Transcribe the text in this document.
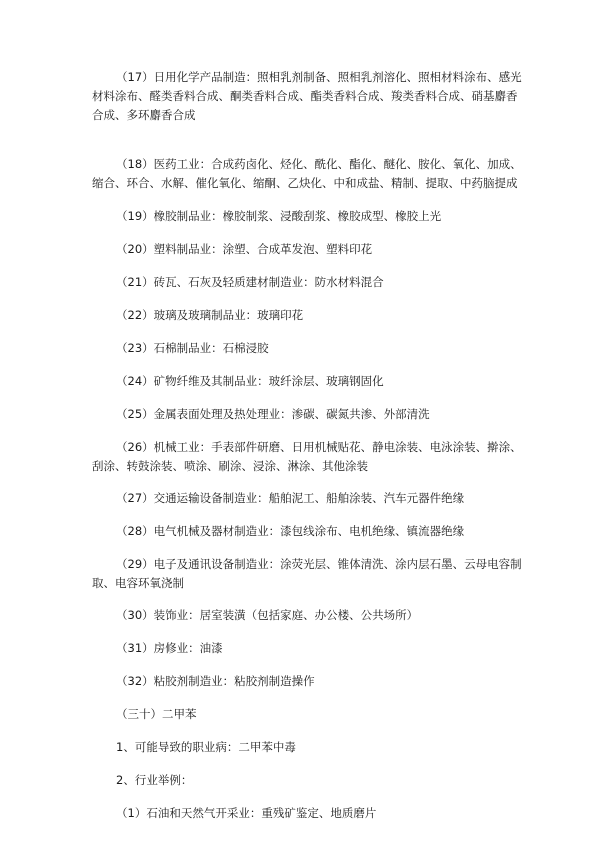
（17）日用化学产品制造：照相乳剂制备、照相乳剂溶化、照相材料涂布、感光材料涂布、醛类香料合成、酮类香料合成、酯类香料合成、羧类香料合成、硝基麝香合成、多环麝香合成

（18）医药工业：合成药卤化、烃化、酰化、酯化、醚化、胺化、氧化、加成、缩合、环合、水解、催化氧化、缩酮、乙炔化、中和成盐、精制、提取、中药脑提成

（19）橡胶制品业：橡胶制浆、浸酸刮浆、橡胶成型、橡胶上光

（20）塑料制品业：涂塑、合成革发泡、塑料印花

（21）砖瓦、石灰及轻质建材制造业：防水材料混合

（22）玻璃及玻璃制品业：玻璃印花

（23）石棉制品业：石棉浸胶

（24）矿物纤维及其制品业：玻纤涂层、玻璃钢固化

（25）金属表面处理及热处理业：渗碳、碳氮共渗、外部清洗

（26）机械工业：手表部件研磨、日用机械贴花、静电涂装、电泳涂装、擀涂、刮涂、转鼓涂装、喷涂、刷涂、浸涂、淋涂、其他涂装

（27）交通运输设备制造业：船舶泥工、船舶涂装、汽车元器件绝缘

（28）电气机械及器材制造业：漆包线涂布、电机绝缘、镇流器绝缘

（29）电子及通讯设备制造业：涂荧光层、锥体清洗、涂内层石墨、云母电容制取、电容环氧浇制

（30）装饰业：居室装潢（包括家庭、办公楼、公共场所）

（31）房修业：油漆

（32）粘胶剂制造业：粘胶剂制造操作

（三十）二甲苯

1、可能导致的职业病：二甲苯中毒

2、行业举例：

（1）石油和天然气开采业：重残矿鉴定、地质磨片
